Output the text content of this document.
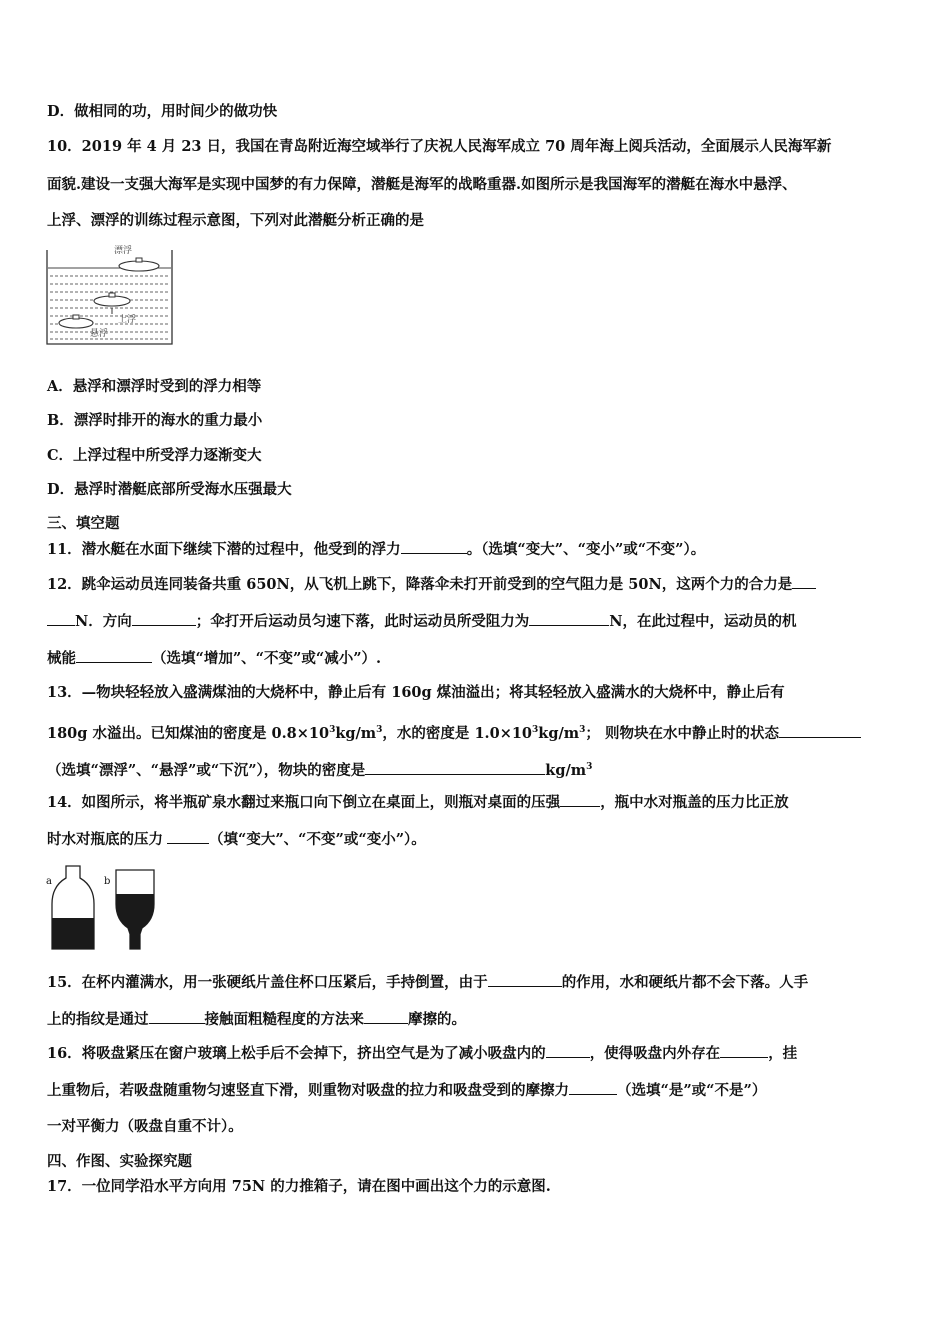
D．做相同的功，用时间少的做功快
10．2019 年 4 月 23 日，我国在青岛附近海空域举行了庆祝人民海军成立 70 周年海上阅兵活动，全面展示人民海军新
面貌.建设一支强大海军是实现中国梦的有力保障，潜艇是海军的战略重器.如图所示是我国海军的潜艇在海水中悬浮、
上浮、漂浮的训练过程示意图，下列对此潜艇分析正确的是
漂浮
上浮
悬浮
A．悬浮和漂浮时受到的浮力相等
B．漂浮时排开的海水的重力最小
C．上浮过程中所受浮力逐渐变大
D．悬浮时潜艇底部所受海水压强最大
三、填空题
11．潜水艇在水面下继续下潜的过程中，他受到的浮力	。（选填“变大”、“变小”或“不变”）。
12．跳伞运动员连同装备共重 650N，从飞机上跳下，降落伞未打开前受到的空气阻力是 50N，这两个力的合力是
N．方向	；伞打开后运动员匀速下落，此时运动员所受阻力为	N，在此过程中，运动员的机
械能	（选填“增加”、“不变”或“减小”）.
13．—物块轻轻放入盛满煤油的大烧杯中，静止后有 160g 煤油溢出；将其轻轻放入盛满水的大烧杯中，静止后有
180g 水溢出。已知煤油的密度是 $0.8\times 10^3kg/m^3$，水的密度是 $1.0\times 10^3kg/m^3$； 则物块在水中静止时的状态
（选填“漂浮”、“悬浮”或“下沉”），物块的密度是	$kg/m^3$
14．如图所示，将半瓶矿泉水翻过来瓶口向下倒立在桌面上，则瓶对桌面的压强	，瓶中水对瓶盖的压力比正放
时水对瓶底的压力	（填“变大”、“不变”或“变小”）。
a	b
15．在杯内灌满水，用一张硬纸片盖住杯口压紧后，手持倒置，由于	的作用，水和硬纸片都不会下落。人手
上的指纹是通过	接触面粗糙程度的方法来	摩擦的。
16．将吸盘紧压在窗户玻璃上松手后不会掉下，挤出空气是为了减小吸盘内的	，使得吸盘内外存在	，挂
上重物后，若吸盘随重物匀速竖直下滑，则重物对吸盘的拉力和吸盘受到的摩擦力	（选填“是”或“不是”）
一对平衡力（吸盘自重不计）。
四、作图、实验探究题
17．一位同学沿水平方向用 75N 的力推箱子，请在图中画出这个力的示意图.
